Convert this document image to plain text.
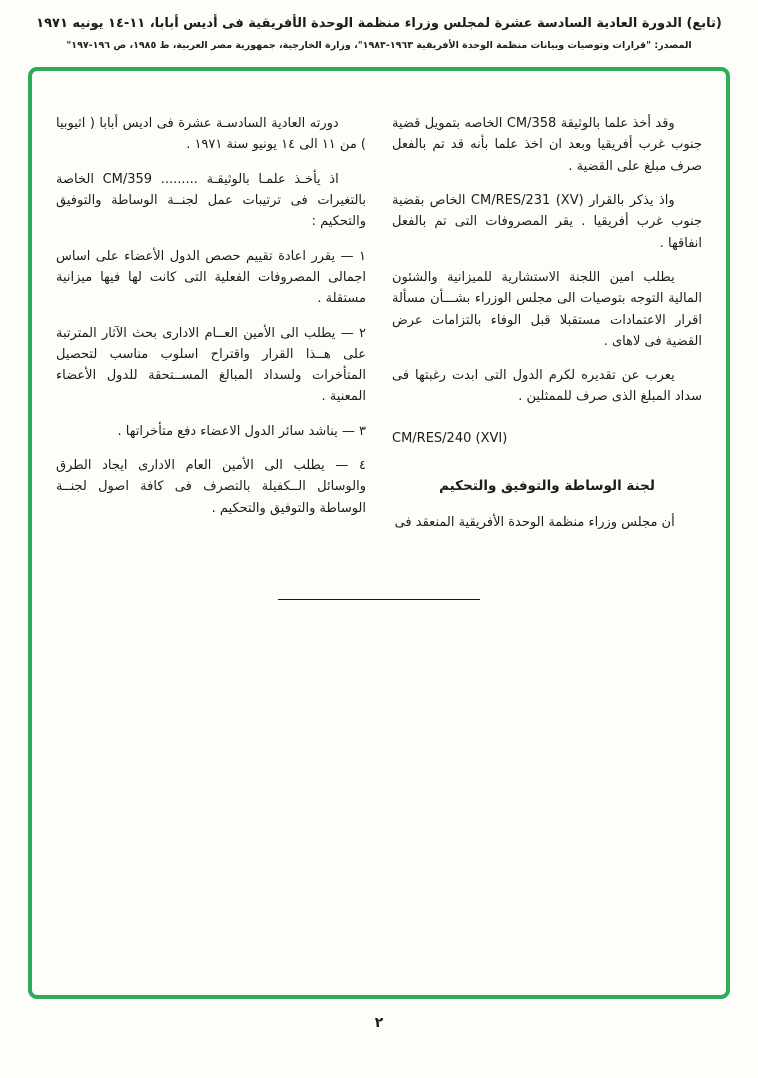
(تابع) الدورة العادية السادسة عشرة لمجلس وزراء منظمة الوحدة الأفريقية فى أديس أبابا، ١١-١٤ يونيه ١٩٧١
المصدر: "قرارات وتوصيات وبيانات منظمة الوحدة الأفريقية ١٩٦٣-١٩٨٣"، وزارة الخارجية، جمهورية مصر العربية، ط ١٩٨٥، ص ١٩٦-١٩٧"

وقد أخذ علما بالوثيقة CM/358 الخاصه بتمويل قضية جنوب غرب أفريقيا وبعد ان اخذ علما بأنه قد تم بالفعل صرف مبلغ على القضية .

واذ يذكر بالقرار CM/RES/231 (XV) الخاص بقضية جنوب غرب أفريقيا . يقر المصروفات التى تم بالفعل انفاقها .

يطلب امين اللجنة الاستشارية للميزانية والشئون المالية التوجه بتوصيات الى مجلس الوزراء بشـــأن مسألة اقرار الاعتمادات مستقبلا قبل الوفاء بالتزامات عرض القضية فى لاهاى .

يعرب عن تقديره لكرم الدول التى ابدت رغبتها فى سداد المبلغ الذى صرف للممثلين .

CM/RES/240 (XVI)

لجنة الوساطة والتوفيق والتحكيم

أن مجلس وزراء منظمة الوحدة الأفريقية المنعقد فى

دورته العادية السادسـة عشرة فى اديس أبابا ( اثيوبيا ) من ١١ الى ١٤ يونيو سنة ١٩٧١ .

اذ يأخـذ علمـا بالوثيقـة ......... CM/359 الخاصة بالتغيرات فى ترتيبات عمل لجنــة الوساطة والتوفيق والتحكيم :

١ — يقرر اعادة تقييم حصص الدول الأعضاء على اساس اجمالى المصروفات الفعلية التى كانت لها فيها ميزانية مستقلة .

٢ — يطلب الى الأمين العــام الادارى بحث الآثار المترتبة على هــذا القرار واقتراح اسلوب مناسب لتحصيل المتأخرات ولسداد المبالغ المســتحقة للدول الأعضاء المعنية .

٣ — يناشد سائر الدول الاعضاء دفع متأخراتها .

٤ — يطلب الى الأمين العام الادارى ايجاد الطرق والوسائل الــكفيلة بالتصرف فى كافة اصول لجنــة الوساطة والتوفيق والتحكيم .

٢
